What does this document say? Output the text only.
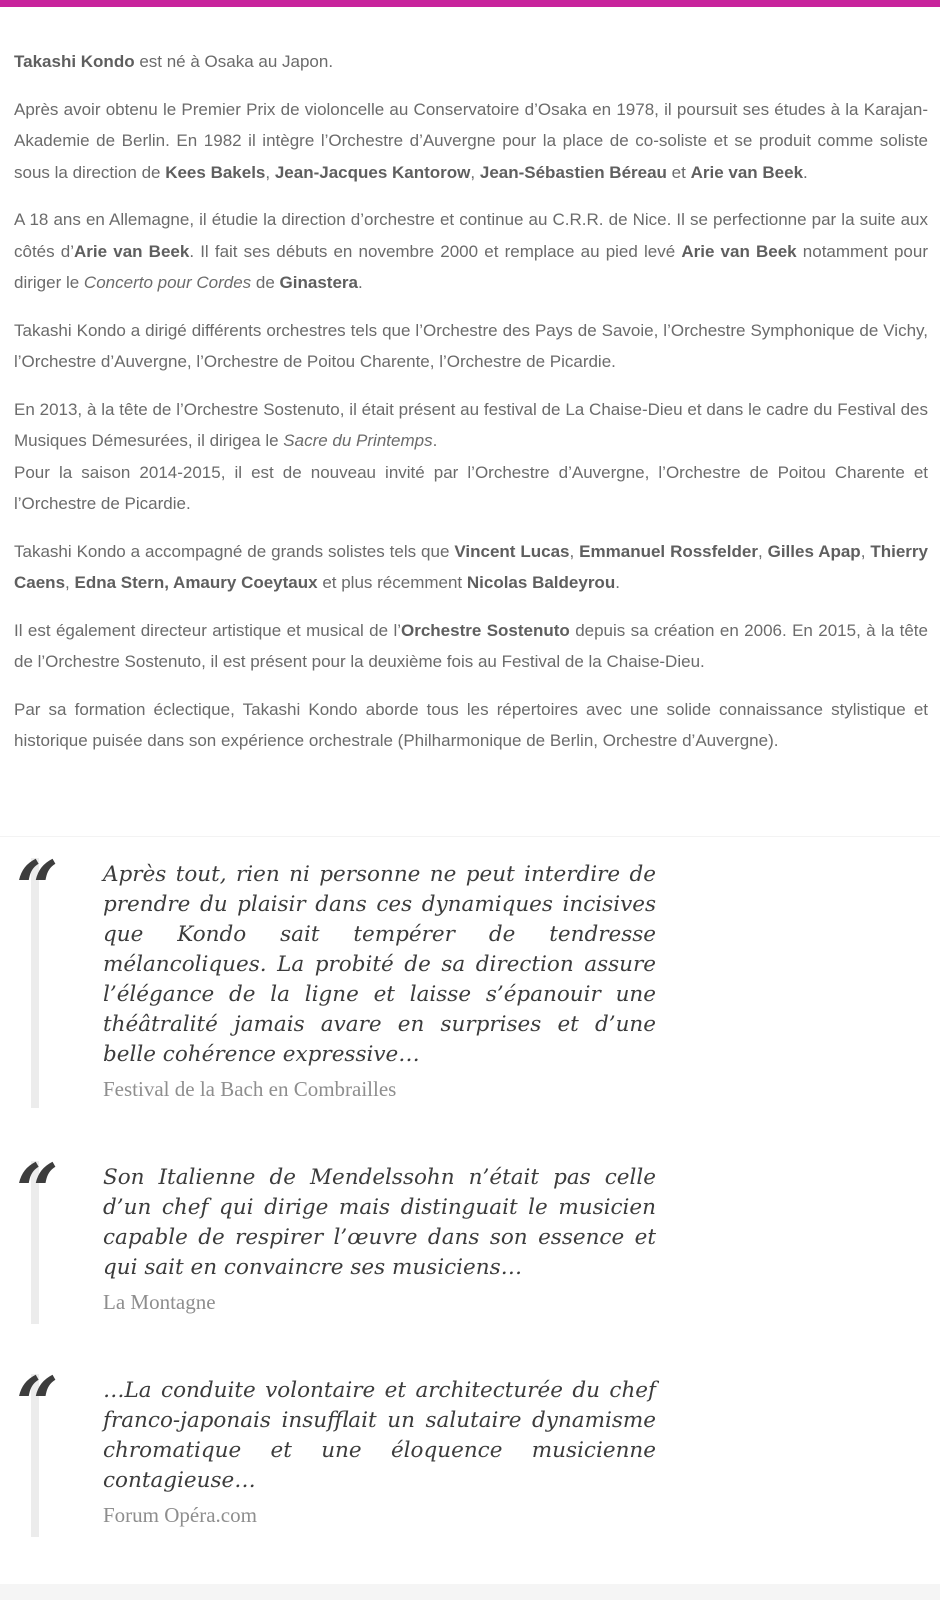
Takashi Kondo est né à Osaka au Japon.

Après avoir obtenu le Premier Prix de violoncelle au Conservatoire d’Osaka en 1978, il poursuit ses études à la Karajan-Akademie de Berlin. En 1982 il intègre l’Orchestre d’Auvergne pour la place de co-soliste et se produit comme soliste sous la direction de Kees Bakels, Jean-Jacques Kantorow, Jean-Sébastien Béreau et Arie van Beek.

A 18 ans en Allemagne, il étudie la direction d’orchestre et continue au C.R.R. de Nice. Il se perfectionne par la suite aux côtés d’Arie van Beek. Il fait ses débuts en novembre 2000 et remplace au pied levé Arie van Beek notamment pour diriger le Concerto pour Cordes de Ginastera.

Takashi Kondo a dirigé différents orchestres tels que l’Orchestre des Pays de Savoie, l’Orchestre Symphonique de Vichy, l’Orchestre d’Auvergne, l’Orchestre de Poitou Charente, l’Orchestre de Picardie.

En 2013, à la tête de l’Orchestre Sostenuto, il était présent au festival de La Chaise-Dieu et dans le cadre du Festival des Musiques Démesurées, il dirigea le Sacre du Printemps.
Pour la saison 2014-2015, il est de nouveau invité par l’Orchestre d’Auvergne, l’Orchestre de Poitou Charente et l’Orchestre de Picardie.

Takashi Kondo a accompagné de grands solistes tels que Vincent Lucas, Emmanuel Rossfelder, Gilles Apap, Thierry Caens, Edna Stern, Amaury Coeytaux et plus récemment Nicolas Baldeyrou.

Il est également directeur artistique et musical de l’Orchestre Sostenuto depuis sa création en 2006. En 2015, à la tête de l’Orchestre Sostenuto, il est présent pour la deuxième fois au Festival de la Chaise-Dieu.

Par sa formation éclectique, Takashi Kondo aborde tous les répertoires avec une solide connaissance stylistique et historique puisée dans son expérience orchestrale (Philharmonique de Berlin, Orchestre d’Auvergne).

“ Après tout, rien ni personne ne peut interdire de prendre du plaisir dans ces dynamiques incisives que Kondo sait tempérer de tendresse mélancoliques. La probité de sa direction assure l’élégance de la ligne et laisse s’épanouir une théâtralité jamais avare en surprises et d’une belle cohérence expressive…
Festival de la Bach en Combrailles
“ Son Italienne de Mendelssohn n’était pas celle d’un chef qui dirige mais distinguait le musicien capable de respirer l’œuvre dans son essence et qui sait en convaincre ses musiciens…
La Montagne
“ …La conduite volontaire et architecturée du chef franco-japonais insufflait un salutaire dynamisme chromatique et une éloquence musicienne contagieuse…
Forum Opéra.com
